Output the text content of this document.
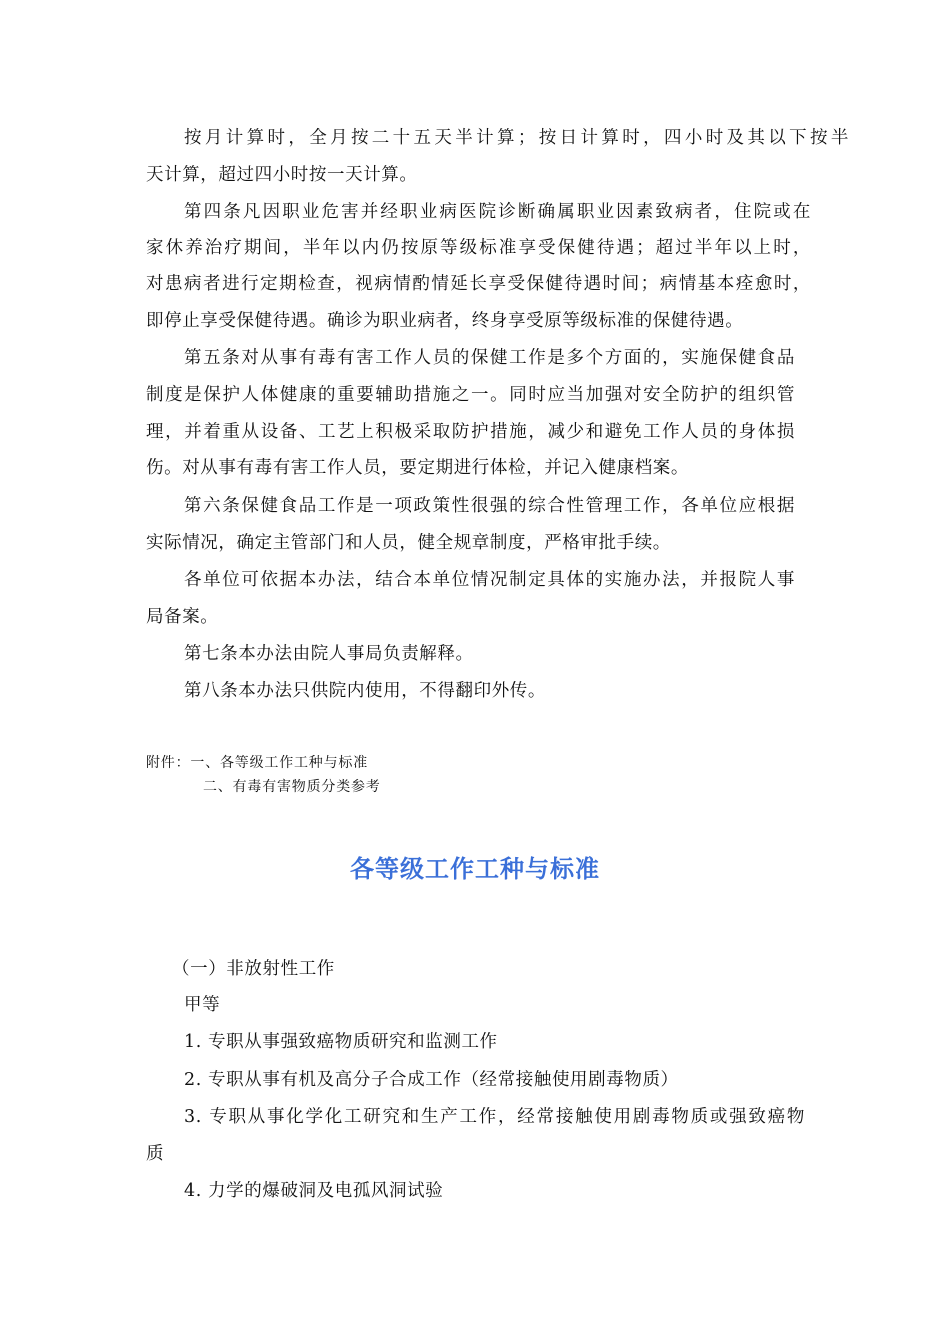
按月计算时，全月按二十五天半计算；按日计算时，四小时及其以下按半
天计算，超过四小时按一天计算。
第四条凡因职业危害并经职业病医院诊断确属职业因素致病者，住院或在
家休养治疗期间，半年以内仍按原等级标准享受保健待遇；超过半年以上时，
对患病者进行定期检查，视病情酌情延长享受保健待遇时间；病情基本痊愈时，
即停止享受保健待遇。确诊为职业病者，终身享受原等级标准的保健待遇。
第五条对从事有毒有害工作人员的保健工作是多个方面的，实施保健食品
制度是保护人体健康的重要辅助措施之一。同时应当加强对安全防护的组织管
理，并着重从设备、工艺上积极采取防护措施，减少和避免工作人员的身体损
伤。对从事有毒有害工作人员，要定期进行体检，并记入健康档案。
第六条保健食品工作是一项政策性很强的综合性管理工作，各单位应根据
实际情况，确定主管部门和人员，健全规章制度，严格审批手续。
各单位可依据本办法，结合本单位情况制定具体的实施办法，并报院人事
局备案。
第七条本办法由院人事局负责解释。
第八条本办法只供院内使用，不得翻印外传。
附件：一、各等级工作工种与标准
二、有毒有害物质分类参考
各等级工作工种与标准
（一）非放射性工作
甲等
1. 专职从事强致癌物质研究和监测工作
2. 专职从事有机及高分子合成工作（经常接触使用剧毒物质）
3. 专职从事化学化工研究和生产工作，经常接触使用剧毒物质或强致癌物
质
4. 力学的爆破洞及电孤风洞试验
